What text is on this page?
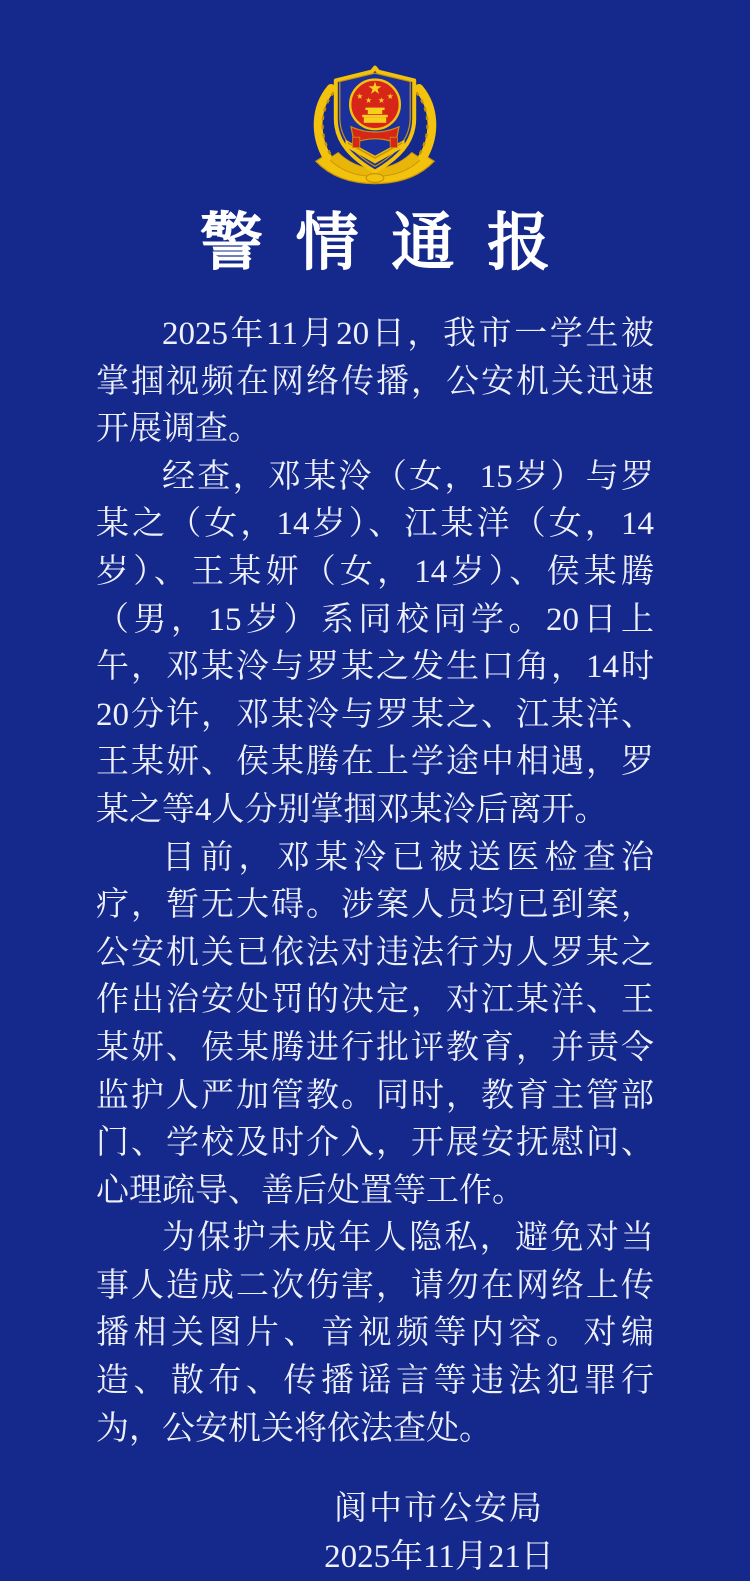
警情通报

2025年11月20日，我市一学生被掌掴视频在网络传播，公安机关迅速开展调查。

经查，邓某泠（女，15岁）与罗某之（女，14岁）、江某洋（女，14岁）、王某妍（女，14岁）、侯某腾（男，15岁）系同校同学。20日上午，邓某泠与罗某之发生口角，14时20分许，邓某泠与罗某之、江某洋、王某妍、侯某腾在上学途中相遇，罗某之等4人分别掌掴邓某泠后离开。

目前，邓某泠已被送医检查治疗，暂无大碍。涉案人员均已到案，公安机关已依法对违法行为人罗某之作出治安处罚的决定，对江某洋、王某妍、侯某腾进行批评教育，并责令监护人严加管教。同时，教育主管部门、学校及时介入，开展安抚慰问、心理疏导、善后处置等工作。

为保护未成年人隐私，避免对当事人造成二次伤害，请勿在网络上传播相关图片、音视频等内容。对编造、散布、传播谣言等违法犯罪行为，公安机关将依法查处。

阆中市公安局
2025年11月21日
